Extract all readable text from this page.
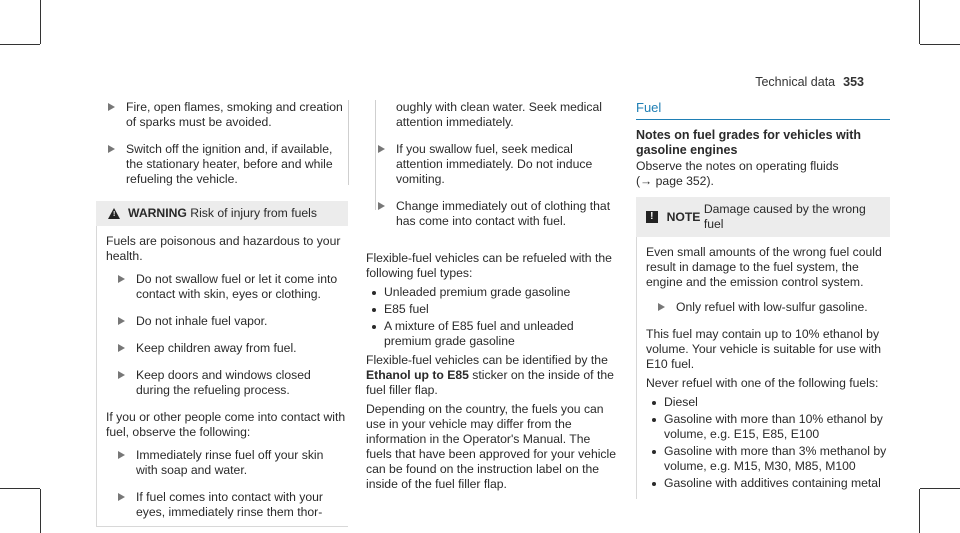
Technical data 353
Fire, open flames, smoking and creation of sparks must be avoided.
Switch off the ignition and, if available, the stationary heater, before and while refueling the vehicle.
! WARNING
Risk of injury from fuels

Fuels are poisonous and hazardous to your health.

Do not swallow fuel or let it come into contact with skin, eyes or clothing.
Do not inhale fuel vapor.
Keep children away from fuel.
Keep doors and windows closed during the refueling process.

If you or other people come into contact with fuel, observe the following:

Immediately rinse fuel off your skin with soap and water.
If fuel comes into contact with your eyes, immediately rinse them thor-
oughly with clean water. Seek medical attention immediately.
If you swallow fuel, seek medical attention immediately. Do not induce vomiting.
Change immediately out of clothing that has come into contact with fuel.

Flexible-fuel vehicles can be refueled with the following fuel types:

Unleaded premium grade gasoline
E85 fuel
A mixture of E85 fuel and unleaded premium grade gasoline

Flexible-fuel vehicles can be identified by the Ethanol up to E85 sticker on the inside of the fuel filler flap.

Depending on the country, the fuels you can use in your vehicle may differ from the information in the Operator's Manual. The fuels that have been approved for your vehicle can be found on the instruction label on the inside of the fuel filler flap.

Fuel
Notes on fuel grades for vehicles with gasoline engines

Observe the notes on operating fluids
(→ page 352).

!	NOTE

Damage caused by the wrong fuel

Even small amounts of the wrong fuel could result in damage to the fuel system, the engine and the emission control system.

Only refuel with low-sulfur gasoline.

This fuel may contain up to 10% ethanol by volume. Your vehicle is suitable for use with E10 fuel.

Never refuel with one of the following fuels:

Diesel
Gasoline with more than 10% ethanol by volume, e.g. E15, E85, E100
Gasoline with more than 3% methanol by volume, e.g. M15, M30, M85, M100
Gasoline with additives containing metal
